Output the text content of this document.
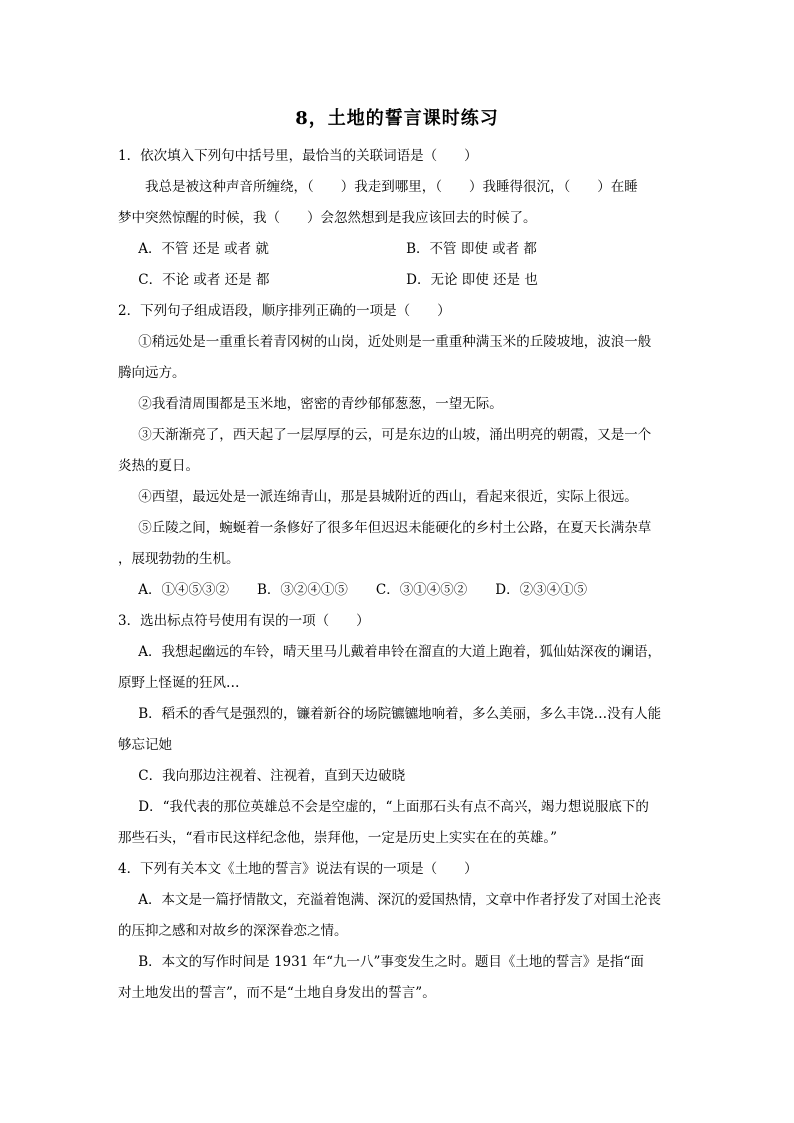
8，土地的誓言课时练习
1．依次填入下列句中括号里，最恰当的关联词语是（　　）
我总是被这种声音所缠绕，（　　）我走到哪里，（　　）我睡得很沉，（　　）在睡
梦中突然惊醒的时候，我（　　）会忽然想到是我应该回去的时候了。
A．不管 还是 或者 就	B．不管 即使 或者 都
C．不论 或者 还是 都	D．无论 即使 还是 也
2．下列句子组成语段，顺序排列正确的一项是（　　）
①稍远处是一重重长着青冈树的山岗，近处则是一重重种满玉米的丘陵坡地，波浪一般
腾向远方。
②我看清周围都是玉米地，密密的青纱郁郁葱葱，一望无际。
③天渐渐亮了，西天起了一层厚厚的云，可是东边的山坡，涌出明亮的朝霞，又是一个
炎热的夏日。
④西望，最远处是一派连绵青山，那是县城附近的西山，看起来很近，实际上很远。
⑤丘陵之间，蜿蜒着一条修好了很多年但迟迟未能硬化的乡村土公路，在夏天长满杂草
，展现勃勃的生机。
A．①④⑤③② B．③②④①⑤ C．③①④⑤② D．②③④①⑤
3．选出标点符号使用有误的一项（　　）
A．我想起幽远的车铃，晴天里马儿戴着串铃在溜直的大道上跑着，狐仙姑深夜的谰语，
原野上怪诞的狂风…
B．稻禾的香气是强烈的，镰着新谷的场院镳镳地响着，多么美丽，多么丰饶…没有人能
够忘记她
C．我向那边注视着、注视着，直到天边破晓
D．“我代表的那位英雄总不会是空虚的，“上面那石头有点不高兴，竭力想说服底下的
那些石头，“看市民这样纪念他，崇拜他，一定是历史上实实在在的英雄。”
4．下列有关本文《土地的誓言》说法有误的一项是（　　）
A．本文是一篇抒情散文，充溢着饱满、深沉的爱国热情，文章中作者抒发了对国土沦丧
的压抑之感和对故乡的深深眷恋之情。
B．本文的写作时间是 1931 年“九一八”事变发生之时。题目《土地的誓言》是指“面
对土地发出的誓言”，而不是“土地自身发出的誓言”。
